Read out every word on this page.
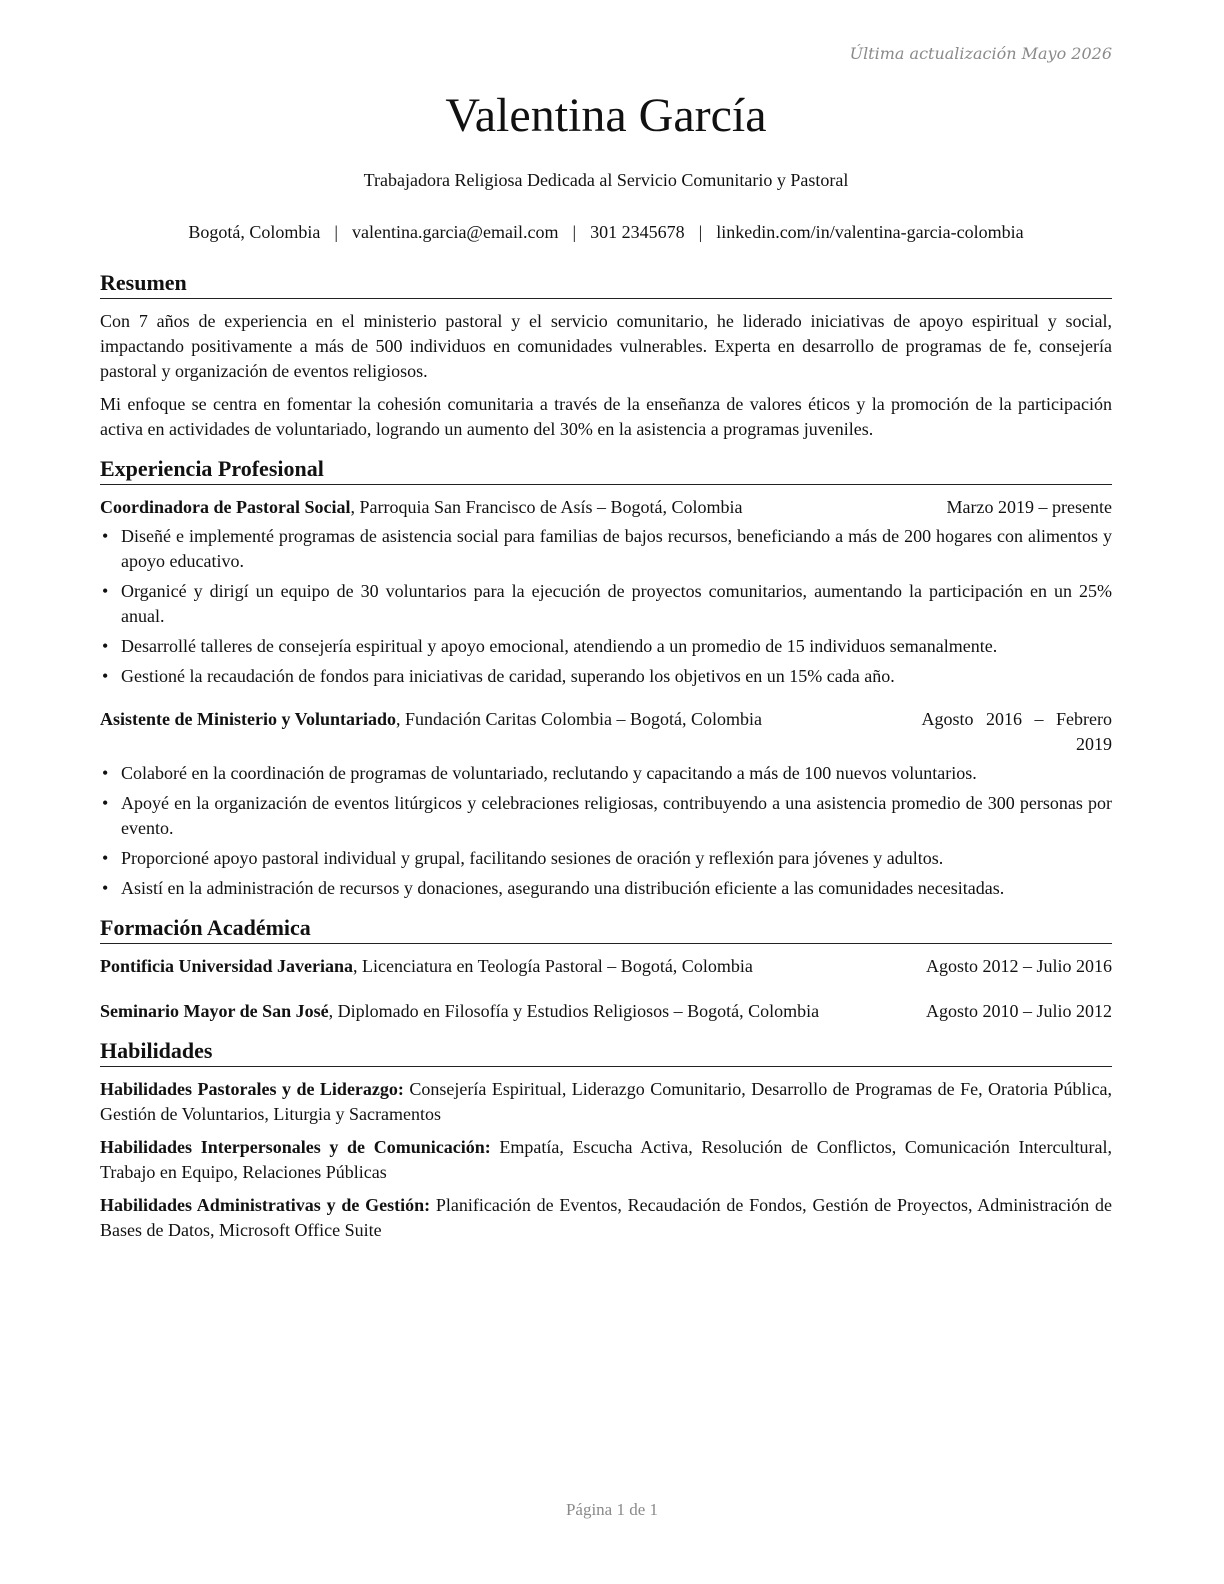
Última actualización Mayo 2026
Valentina García
Trabajadora Religiosa Dedicada al Servicio Comunitario y Pastoral
Bogotá, Colombia | valentina.garcia@email.com | 301 2345678 | linkedin.com/in/valentina-garcia-colombia
Resumen

Con 7 años de experiencia en el ministerio pastoral y el servicio comunitario, he liderado iniciativas de apoyo espiritual y social, impactando positivamente a más de 500 individuos en comunidades vulnerables. Experta en desarrollo de programas de fe, consejería pastoral y organización de eventos religiosos.

Mi enfoque se centra en fomentar la cohesión comunitaria a través de la enseñanza de valores éticos y la promoción de la participación activa en actividades de voluntariado, logrando un aumento del 30% en la asistencia a programas juveniles.

Experiencia Profesional
Coordinadora de Pastoral Social, Parroquia San Francisco de Asís – Bogotá, Colombia	Marzo 2019 – presente
• Diseñé e implementé programas de asistencia social para familias de bajos recursos, beneficiando a más de 200 hogares con alimentos y apoyo educativo.
• Organicé y dirigí un equipo de 30 voluntarios para la ejecución de proyectos comunitarios, aumentando la participación en un 25% anual.
• Desarrollé talleres de consejería espiritual y apoyo emocional, atendiendo a un promedio de 15 individuos semanalmente.
• Gestioné la recaudación de fondos para iniciativas de caridad, superando los objetivos en un 15% cada año.
Asistente de Ministerio y Voluntariado, Fundación Caritas Colombia – Bogotá, Colombia	Agosto 2016 – Febrero 2019
• Colaboré en la coordinación de programas de voluntariado, reclutando y capacitando a más de 100 nuevos voluntarios.
• Apoyé en la organización de eventos litúrgicos y celebraciones religiosas, contribuyendo a una asistencia promedio de 300 personas por evento.
• Proporcioné apoyo pastoral individual y grupal, facilitando sesiones de oración y reflexión para jóvenes y adultos.
• Asistí en la administración de recursos y donaciones, asegurando una distribución eficiente a las comunidades necesitadas.
Formación Académica
Pontificia Universidad Javeriana, Licenciatura en Teología Pastoral – Bogotá, Colombia	Agosto 2012 – Julio 2016
Seminario Mayor de San José, Diplomado en Filosofía y Estudios Religiosos – Bogotá, Colombia	Agosto 2010 – Julio 2012
Habilidades

Habilidades Pastorales y de Liderazgo: Consejería Espiritual, Liderazgo Comunitario, Desarrollo de Programas de Fe, Oratoria Pública, Gestión de Voluntarios, Liturgia y Sacramentos

Habilidades Interpersonales y de Comunicación: Empatía, Escucha Activa, Resolución de Conflictos, Comunicación Intercultural, Trabajo en Equipo, Relaciones Públicas

Habilidades Administrativas y de Gestión: Planificación de Eventos, Recaudación de Fondos, Gestión de Proyectos, Administración de Bases de Datos, Microsoft Office Suite

Página 1 de 1
